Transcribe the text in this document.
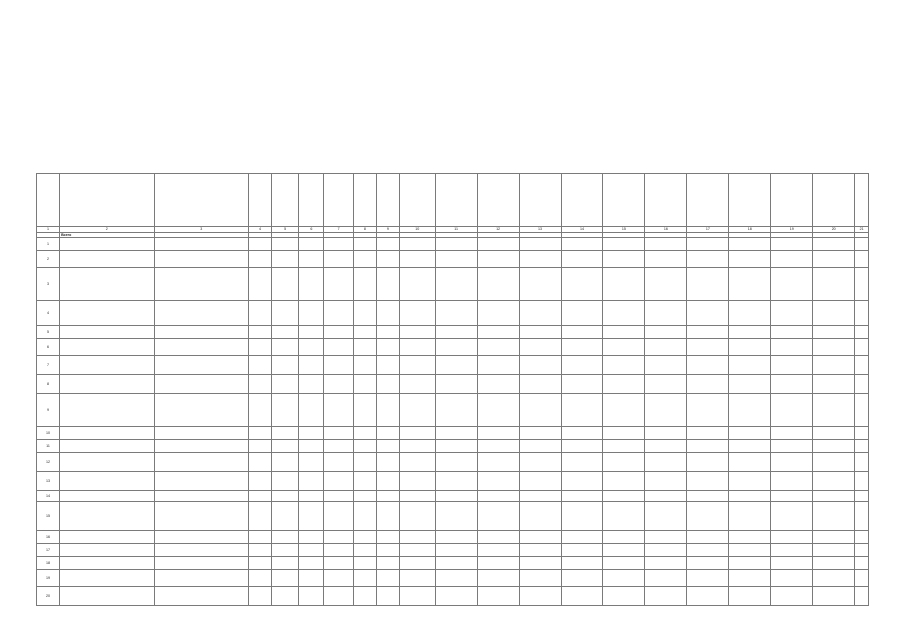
1	2	3	4	5	6	7	8	9	10	11	12	13	14	15	16	17	18	19	20	21
	Всего																			
1																				
2																				
3																				
4																				
5																				
6																				
7																				
8																				
9																				
10																				
11																				
12																				
13																				
14																				
15																				
16																				
17																				
18																				
19																				
20																				
